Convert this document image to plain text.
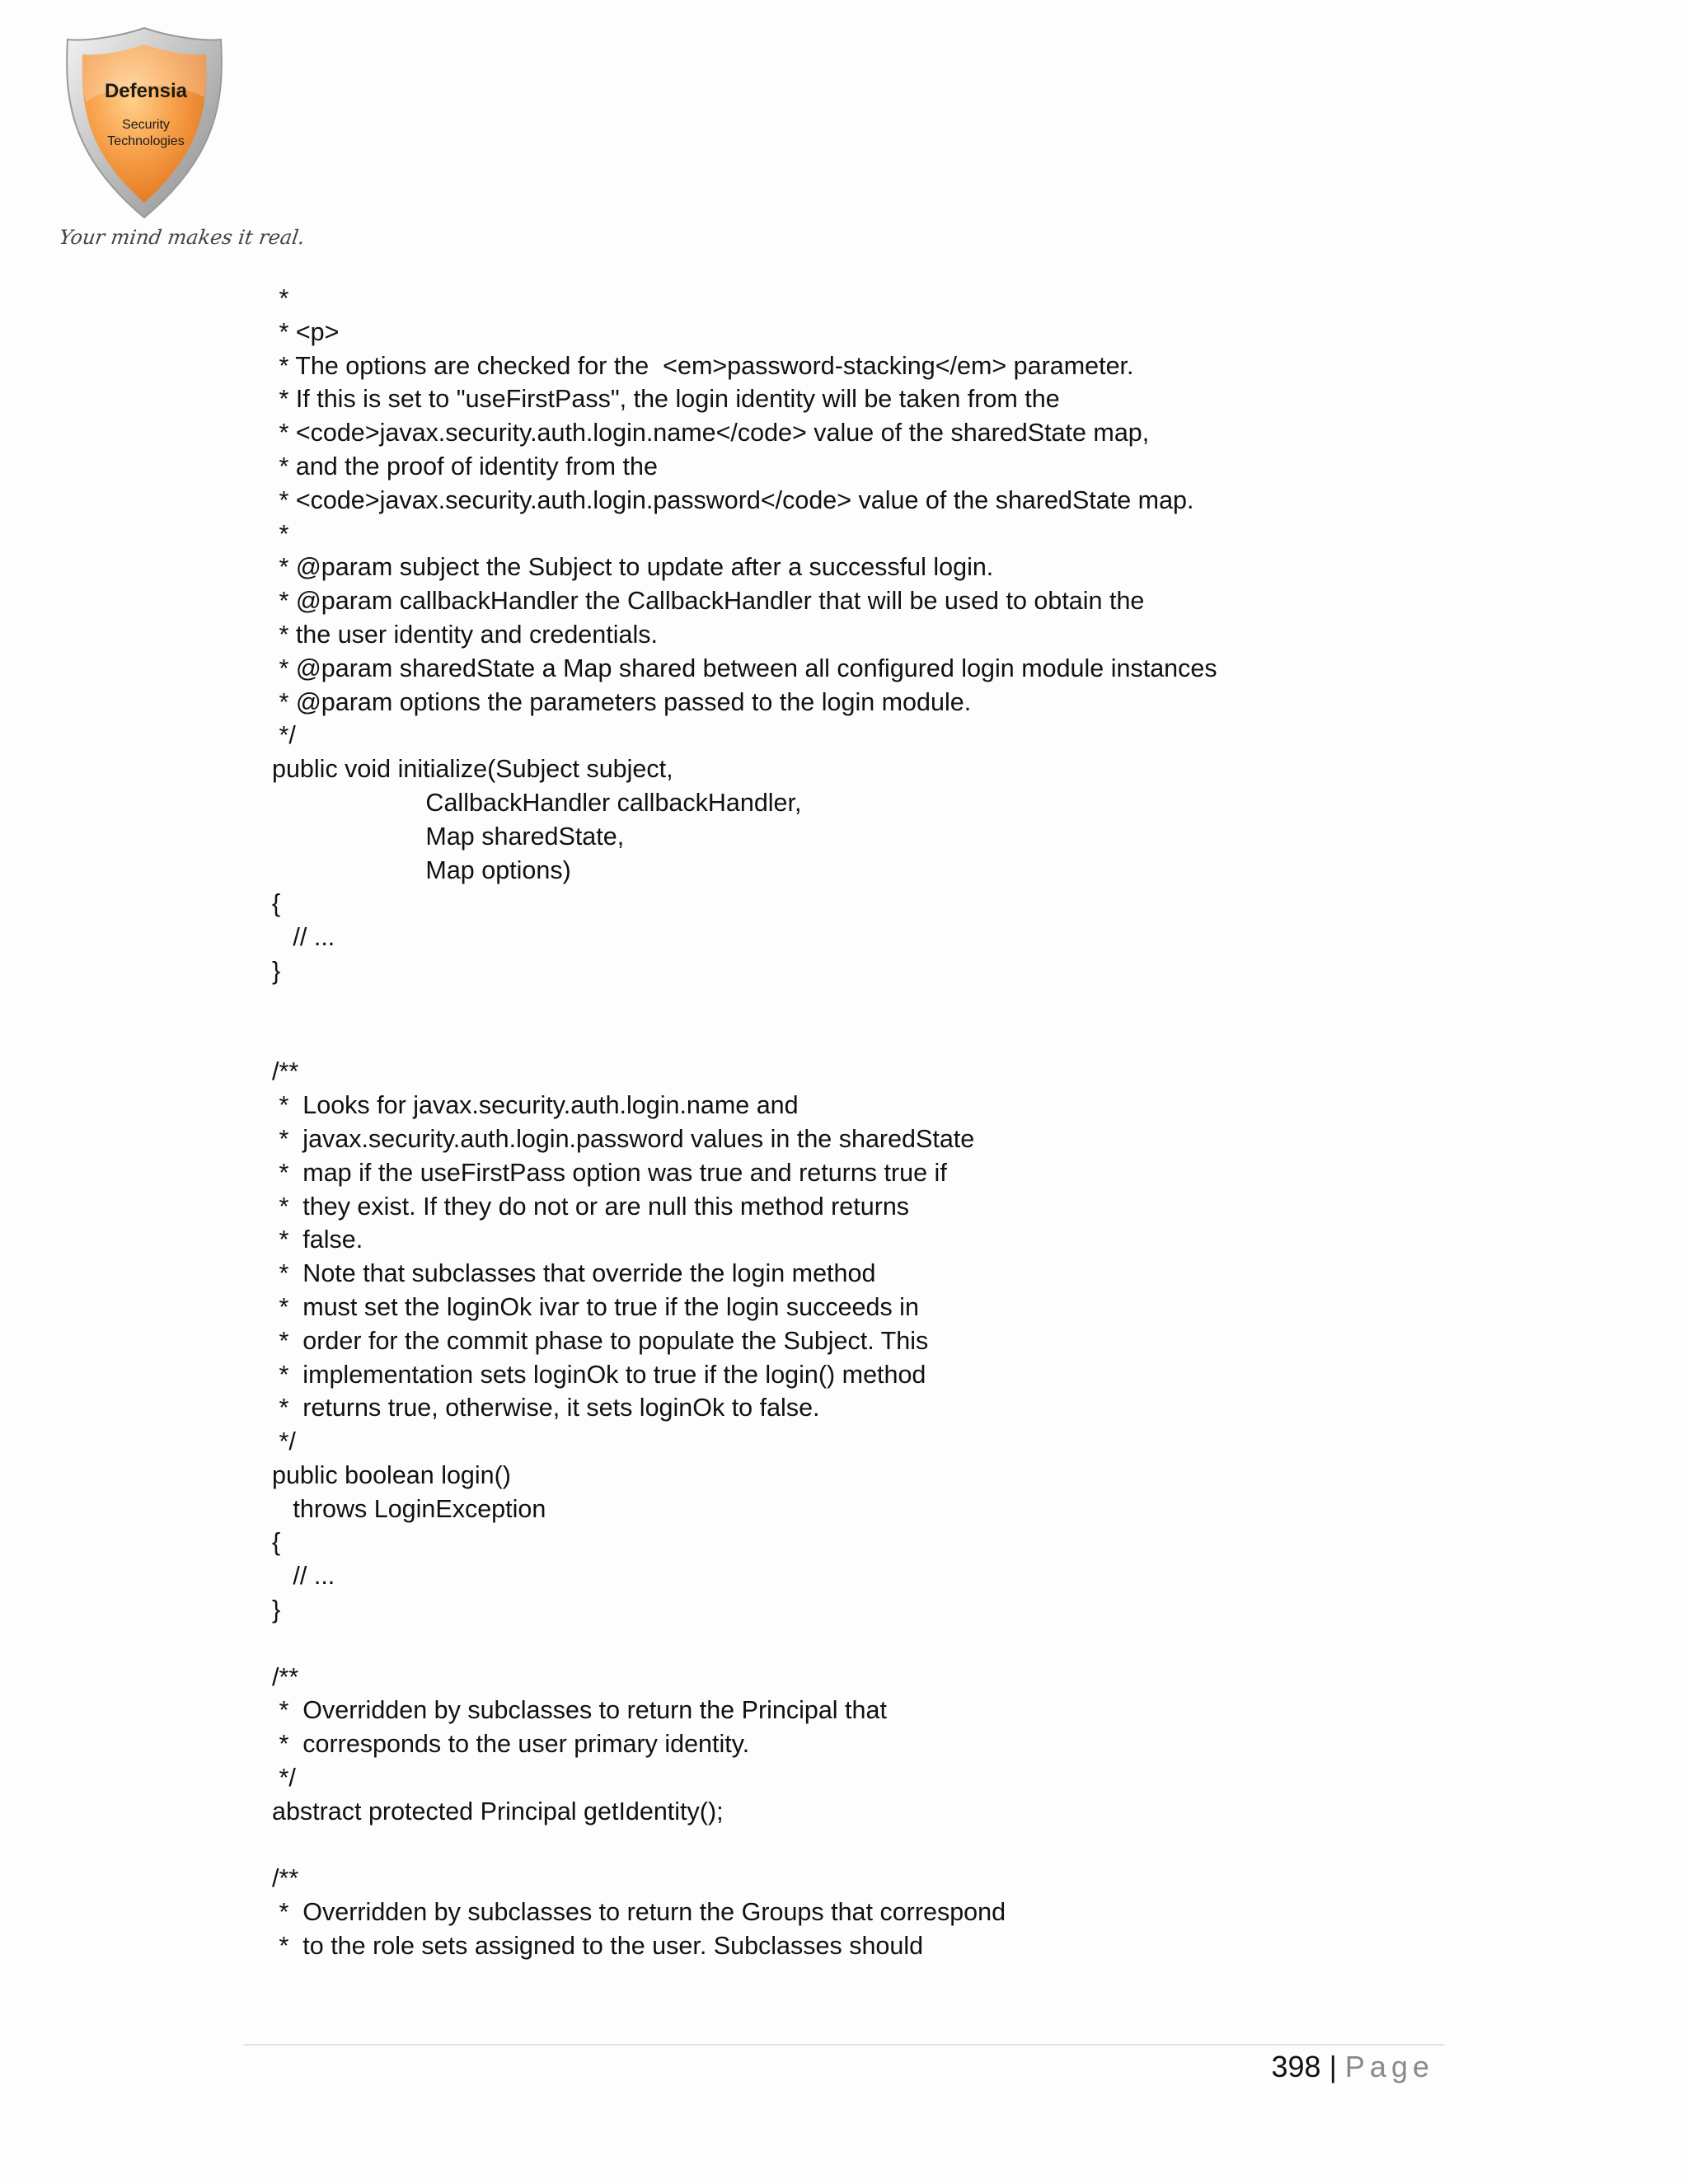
Defensia
Security
Technologies
Your mind makes it real.
*
* <p>
* The options are checked for the  <em>password-stacking</em> parameter.
* If this is set to "useFirstPass", the login identity will be taken from the
* <code>javax.security.auth.login.name</code> value of the sharedState map,
* and the proof of identity from the
* <code>javax.security.auth.login.password</code> value of the sharedState map.
*
* @param subject the Subject to update after a successful login.
* @param callbackHandler the CallbackHandler that will be used to obtain the
* the user identity and credentials.
* @param sharedState a Map shared between all configured login module instances
* @param options the parameters passed to the login module.
*/
public void initialize(Subject subject,
CallbackHandler callbackHandler,
Map sharedState,
Map options)
{
// ...
}
/**
*  Looks for javax.security.auth.login.name and
*  javax.security.auth.login.password values in the sharedState
*  map if the useFirstPass option was true and returns true if
*  they exist. If they do not or are null this method returns
*  false.
*  Note that subclasses that override the login method
*  must set the loginOk ivar to true if the login succeeds in
*  order for the commit phase to populate the Subject. This
*  implementation sets loginOk to true if the login() method
*  returns true, otherwise, it sets loginOk to false.
*/
public boolean login()
throws LoginException
{
// ...
}
/**
*  Overridden by subclasses to return the Principal that
*  corresponds to the user primary identity.
*/
abstract protected Principal getIdentity();
/**
*  Overridden by subclasses to return the Groups that correspond
*  to the role sets assigned to the user. Subclasses should
398 | Page
